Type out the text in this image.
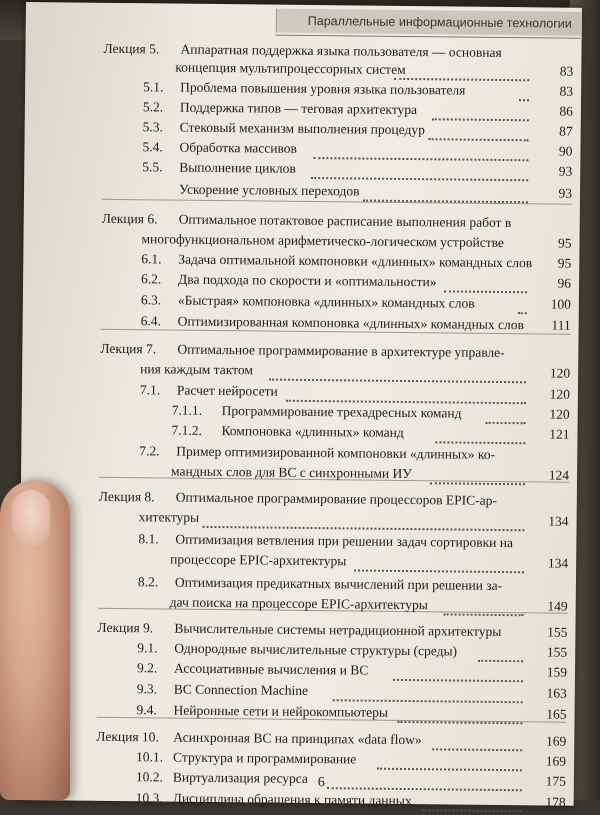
Параллельные информационные технологии
Лекция 5. Аппаратная поддержка языка пользователя — основная
концепция мультипроцессорных систем	83
5.1. Проблема повышения уровня языка пользователя	83
5.2. Поддержка типов — теговая архитектура	86
5.3. Стековый механизм выполнения процедур	87
5.4. Обработка массивов	90
5.5. Выполнение циклов	93
Ускорение условных переходов	93
Лекция 6. Оптимальное потактовое расписание выполнения работ в
многофункциональном арифметическо-логическом устройстве	95
6.1. Задача оптимальной компоновки «длинных» командных слов	95
6.2. Два подхода по скорости и «оптимальности»	96
6.3. «Быстрая» компоновка «длинных» командных слов	100
6.4. Оптимизированная компоновка «длинных» командных слов	111
Лекция 7. Оптимальное программирование в архитектуре управле-
ния каждым тактом	120
7.1. Расчет нейросети	120
7.1.1. Программирование трехадресных команд	120
7.1.2. Компоновка «длинных» команд	121
7.2. Пример оптимизированной компоновки «длинных» ко-
мандных слов для ВС с синхронными ИУ	124
Лекция 8. Оптимальное программирование процессоров EPIC-ар-
хитектуры	134
8.1. Оптимизация ветвления при решении задач сортировки на
процессоре EPIC-архитектуры	134
8.2. Оптимизация предикатных вычислений при решении за-
дач поиска на процессоре EPIC-архитектуры	149
Лекция 9. Вычислительные системы нетрадиционной архитектуры	155
9.1. Однородные вычислительные структуры (среды)	155
9.2. Ассоциативные вычисления и ВС	159
9.3. ВС Connection Machine	163
9.4. Нейронные сети и нейрокомпьютеры	165
Лекция 10. Асинхронная ВС на принципах «data flow»	169
10.1. Структура и программирование	169
10.2. Виртуализация ресурса	175
10.3. Дисциплина обращения к памяти данных	178
6
